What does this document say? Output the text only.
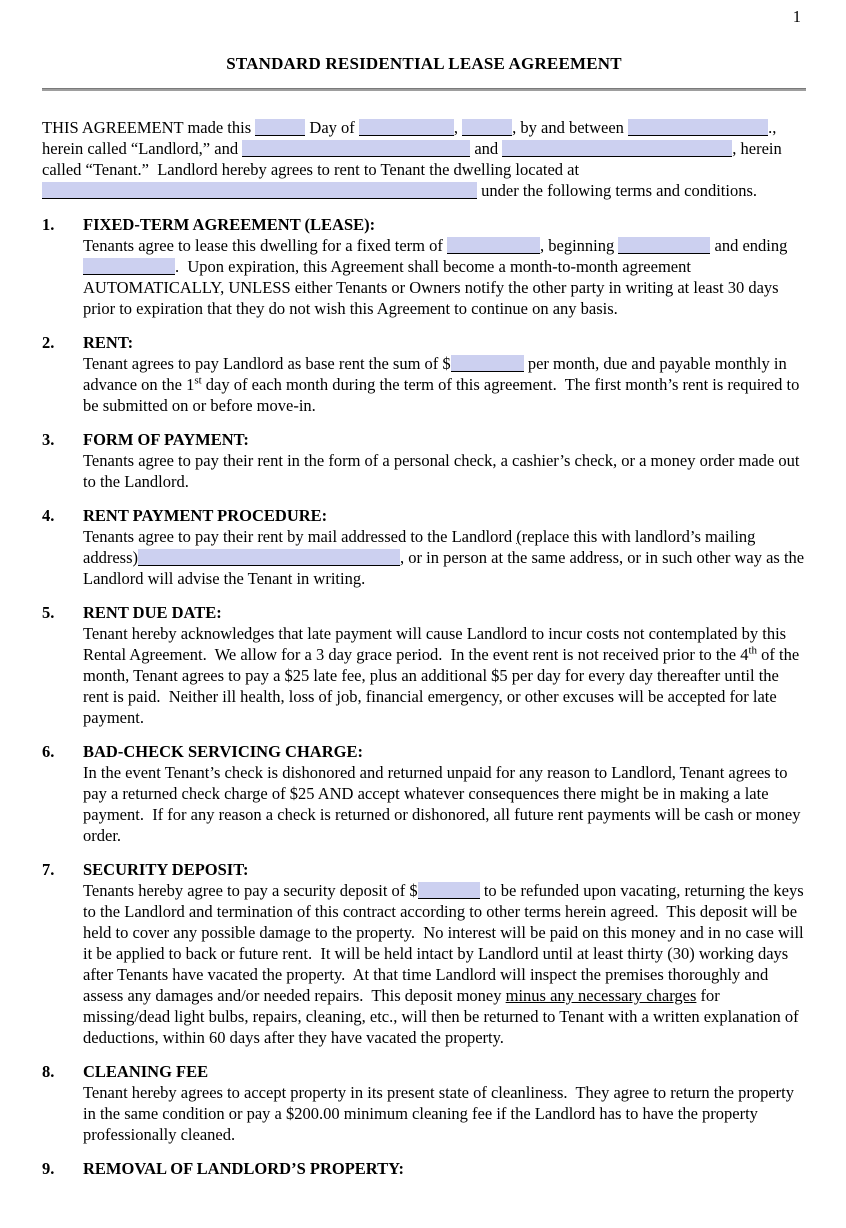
1
STANDARD RESIDENTIAL LEASE AGREEMENT
THIS AGREEMENT made this	Day of	,	, by and between	., herein called “Landlord,” and	and	, herein called “Tenant.”  Landlord hereby agrees to rent to Tenant the dwelling located at  under the following terms and conditions.
1.	FIXED-TERM AGREEMENT (LEASE):
Tenants agree to lease this dwelling for a fixed term of	, beginning	and ending .  Upon expiration, this Agreement shall become a month-to-month agreement AUTOMATICALLY, UNLESS either Tenants or Owners notify the other party in writing at least 30 days prior to expiration that they do not wish this Agreement to continue on any basis.
2.	RENT:
Tenant agrees to pay Landlord as base rent the sum of $	per month, due and payable monthly in advance on the 1st day of each month during the term of this agreement.  The first month’s rent is required to be submitted on or before move-in.
3.	FORM OF PAYMENT:
Tenants agree to pay their rent in the form of a personal check, a cashier’s check, or a money order made out to the Landlord.
4.	RENT PAYMENT PROCEDURE:
Tenants agree to pay their rent by mail addressed to the Landlord (replace this with landlord’s mailing address)	, or in person at the same address, or in such other way as the Landlord will advise the Tenant in writing.
5.	RENT DUE DATE:
Tenant hereby acknowledges that late payment will cause Landlord to incur costs not contemplated by this Rental Agreement.  We allow for a 3 day grace period.  In the event rent is not received prior to the 4th of the month, Tenant agrees to pay a $25 late fee, plus an additional $5 per day for every day thereafter until the rent is paid.  Neither ill health, loss of job, financial emergency, or other excuses will be accepted for late payment.
6.	BAD-CHECK SERVICING CHARGE:
In the event Tenant’s check is dishonored and returned unpaid for any reason to Landlord, Tenant agrees to pay a returned check charge of $25 AND accept whatever consequences there might be in making a late payment.  If for any reason a check is returned or dishonored, all future rent payments will be cash or money order.
7.	SECURITY DEPOSIT:
Tenants hereby agree to pay a security deposit of $	to be refunded upon vacating, returning the keys to the Landlord and termination of this contract according to other terms herein agreed.  This deposit will be held to cover any possible damage to the property.  No interest will be paid on this money and in no case will it be applied to back or future rent.  It will be held intact by Landlord until at least thirty (30) working days after Tenants have vacated the property.  At that time Landlord will inspect the premises thoroughly and assess any damages and/or needed repairs.  This deposit money minus any necessary charges for missing/dead light bulbs, repairs, cleaning, etc., will then be returned to Tenant with a written explanation of deductions, within 60 days after they have vacated the property.
8.	CLEANING FEE
Tenant hereby agrees to accept property in its present state of cleanliness.  They agree to return the property in the same condition or pay a $200.00 minimum cleaning fee if the Landlord has to have the property professionally cleaned.
9.	REMOVAL OF LANDLORD’S PROPERTY:
